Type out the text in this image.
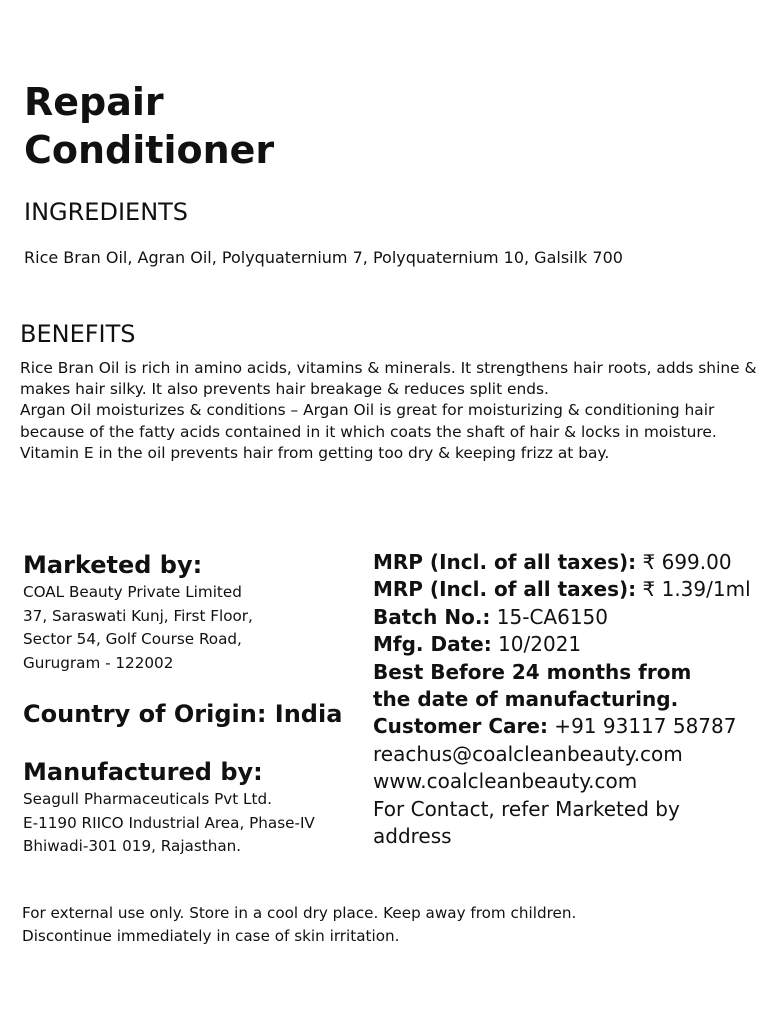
Repair
Conditioner
INGREDIENTS
Rice Bran Oil, Agran Oil, Polyquaternium 7, Polyquaternium 10, Galsilk 700
BENEFITS

Rice Bran Oil is rich in amino acids, vitamins & minerals. It strengthens hair roots, adds shine & makes hair silky. It also prevents hair breakage & reduces split ends.

Argan Oil moisturizes & conditions – Argan Oil is great for moisturizing & conditioning hair because of the fatty acids contained in it which coats the shaft of hair & locks in moisture. Vitamin E in the oil prevents hair from getting too dry & keeping frizz at bay.

Marketed by:
COAL Beauty Private Limited
37, Saraswati Kunj, First Floor,
Sector 54, Golf Course Road,
Gurugram - 122002
Country of Origin: India
Manufactured by:
Seagull Pharmaceuticals Pvt Ltd.
E-1190 RIICO Industrial Area, Phase-IV
Bhiwadi-301 019, Rajasthan.
MRP (Incl. of all taxes): ₹ 699.00
MRP (Incl. of all taxes): ₹ 1.39/1ml
Batch No.: 15-CA6150
Mfg. Date: 10/2021
Best Before 24 months from
the date of manufacturing.
Customer Care: +91 93117 58787
reachus@coalcleanbeauty.com
www.coalcleanbeauty.com
For Contact, refer Marketed by
address
For external use only. Store in a cool dry place. Keep away from children.
Discontinue immediately in case of skin irritation.
